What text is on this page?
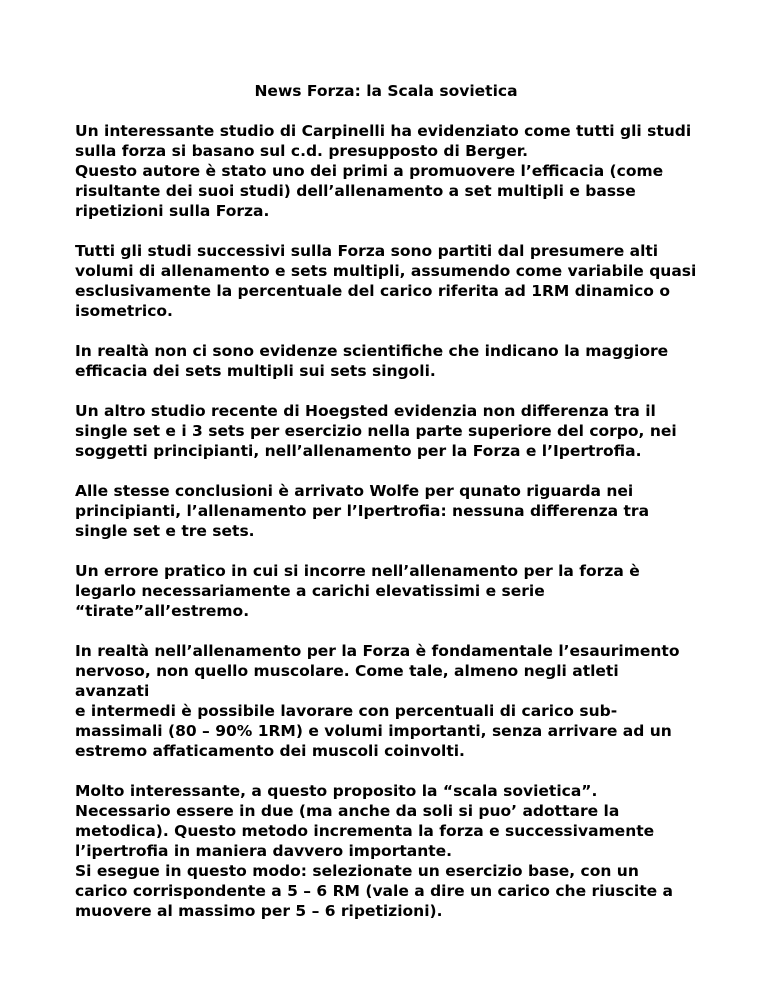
News Forza: la Scala sovietica
Un interessante studio di Carpinelli ha evidenziato come tutti gli studi
sulla forza si basano sul c.d. presupposto di Berger.
Questo autore è stato uno dei primi a promuovere l’efficacia (come
risultante dei suoi studi) dell’allenamento a set multipli e basse
ripetizioni sulla Forza.
Tutti gli studi successivi sulla Forza sono partiti dal presumere alti
volumi di allenamento e sets multipli, assumendo come variabile quasi
esclusivamente la percentuale del carico riferita ad 1RM dinamico o
isometrico.
In realtà non ci sono evidenze scientifiche che indicano la maggiore
efficacia dei sets multipli sui sets singoli.
Un altro studio recente di Hoegsted evidenzia non differenza tra il
single set e i 3 sets per esercizio nella parte superiore del corpo, nei
soggetti principianti, nell’allenamento per la Forza e l’Ipertrofia.
Alle stesse conclusioni è arrivato Wolfe per qunato riguarda nei
principianti, l’allenamento per l’Ipertrofia: nessuna differenza tra
single set e tre sets.
Un errore pratico in cui si incorre nell’allenamento per la forza è
legarlo necessariamente a carichi elevatissimi e serie
“tirate”all’estremo.
In realtà nell’allenamento per la Forza è fondamentale l’esaurimento
nervoso, non quello muscolare. Come tale, almeno negli atleti avanzati
e intermedi è possibile lavorare con percentuali di carico sub-
massimali (80 – 90% 1RM) e volumi importanti, senza arrivare ad un
estremo affaticamento dei muscoli coinvolti.
Molto interessante, a questo proposito la “scala sovietica”.
Necessario essere in due (ma anche da soli si puo’ adottare la
metodica). Questo metodo incrementa la forza e successivamente
l’ipertrofia in maniera davvero importante.
Si esegue in questo modo: selezionate un esercizio base, con un
carico corrispondente a 5 – 6 RM (vale a dire un carico che riuscite a
muovere al massimo per 5 – 6 ripetizioni).
